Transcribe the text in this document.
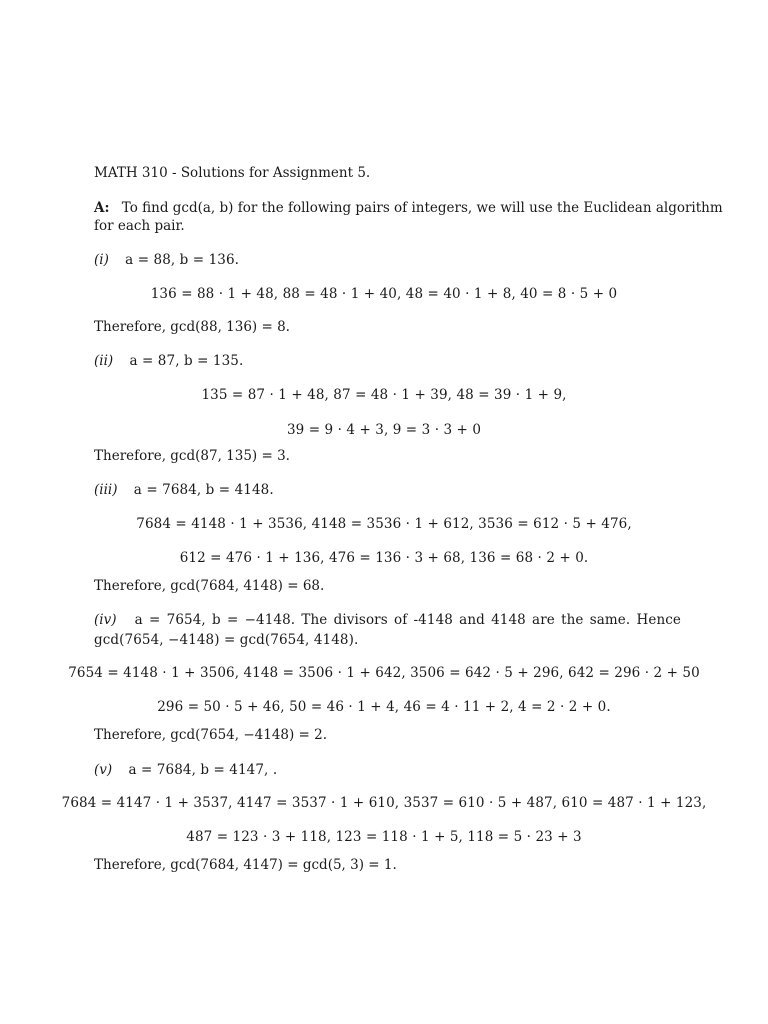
MATH 310 - Solutions for Assignment 5.
A: To find gcd(a, b) for the following pairs of integers, we will use the Euclidean algorithm
for each pair.
(i) a = 88, b = 136.
136 = 88 · 1 + 48, 88 = 48 · 1 + 40, 48 = 40 · 1 + 8, 40 = 8 · 5 + 0
Therefore, gcd(88, 136) = 8.
(ii) a = 87, b = 135.
135 = 87 · 1 + 48, 87 = 48 · 1 + 39, 48 = 39 · 1 + 9,
39 = 9 · 4 + 3, 9 = 3 · 3 + 0
Therefore, gcd(87, 135) = 3.
(iii) a = 7684, b = 4148.
7684 = 4148 · 1 + 3536, 4148 = 3536 · 1 + 612, 3536 = 612 · 5 + 476,
612 = 476 · 1 + 136, 476 = 136 · 3 + 68, 136 = 68 · 2 + 0.
Therefore, gcd(7684, 4148) = 68.
(iv) a = 7654, b = −4148. The divisors of -4148 and 4148 are the same. Hence
gcd(7654, −4148) = gcd(7654, 4148).
7654 = 4148 · 1 + 3506, 4148 = 3506 · 1 + 642, 3506 = 642 · 5 + 296, 642 = 296 · 2 + 50
296 = 50 · 5 + 46, 50 = 46 · 1 + 4, 46 = 4 · 11 + 2, 4 = 2 · 2 + 0.
Therefore, gcd(7654, −4148) = 2.
(v) a = 7684, b = 4147, .
7684 = 4147 · 1 + 3537, 4147 = 3537 · 1 + 610, 3537 = 610 · 5 + 487, 610 = 487 · 1 + 123,
487 = 123 · 3 + 118, 123 = 118 · 1 + 5, 118 = 5 · 23 + 3
Therefore, gcd(7684, 4147) = gcd(5, 3) = 1.
